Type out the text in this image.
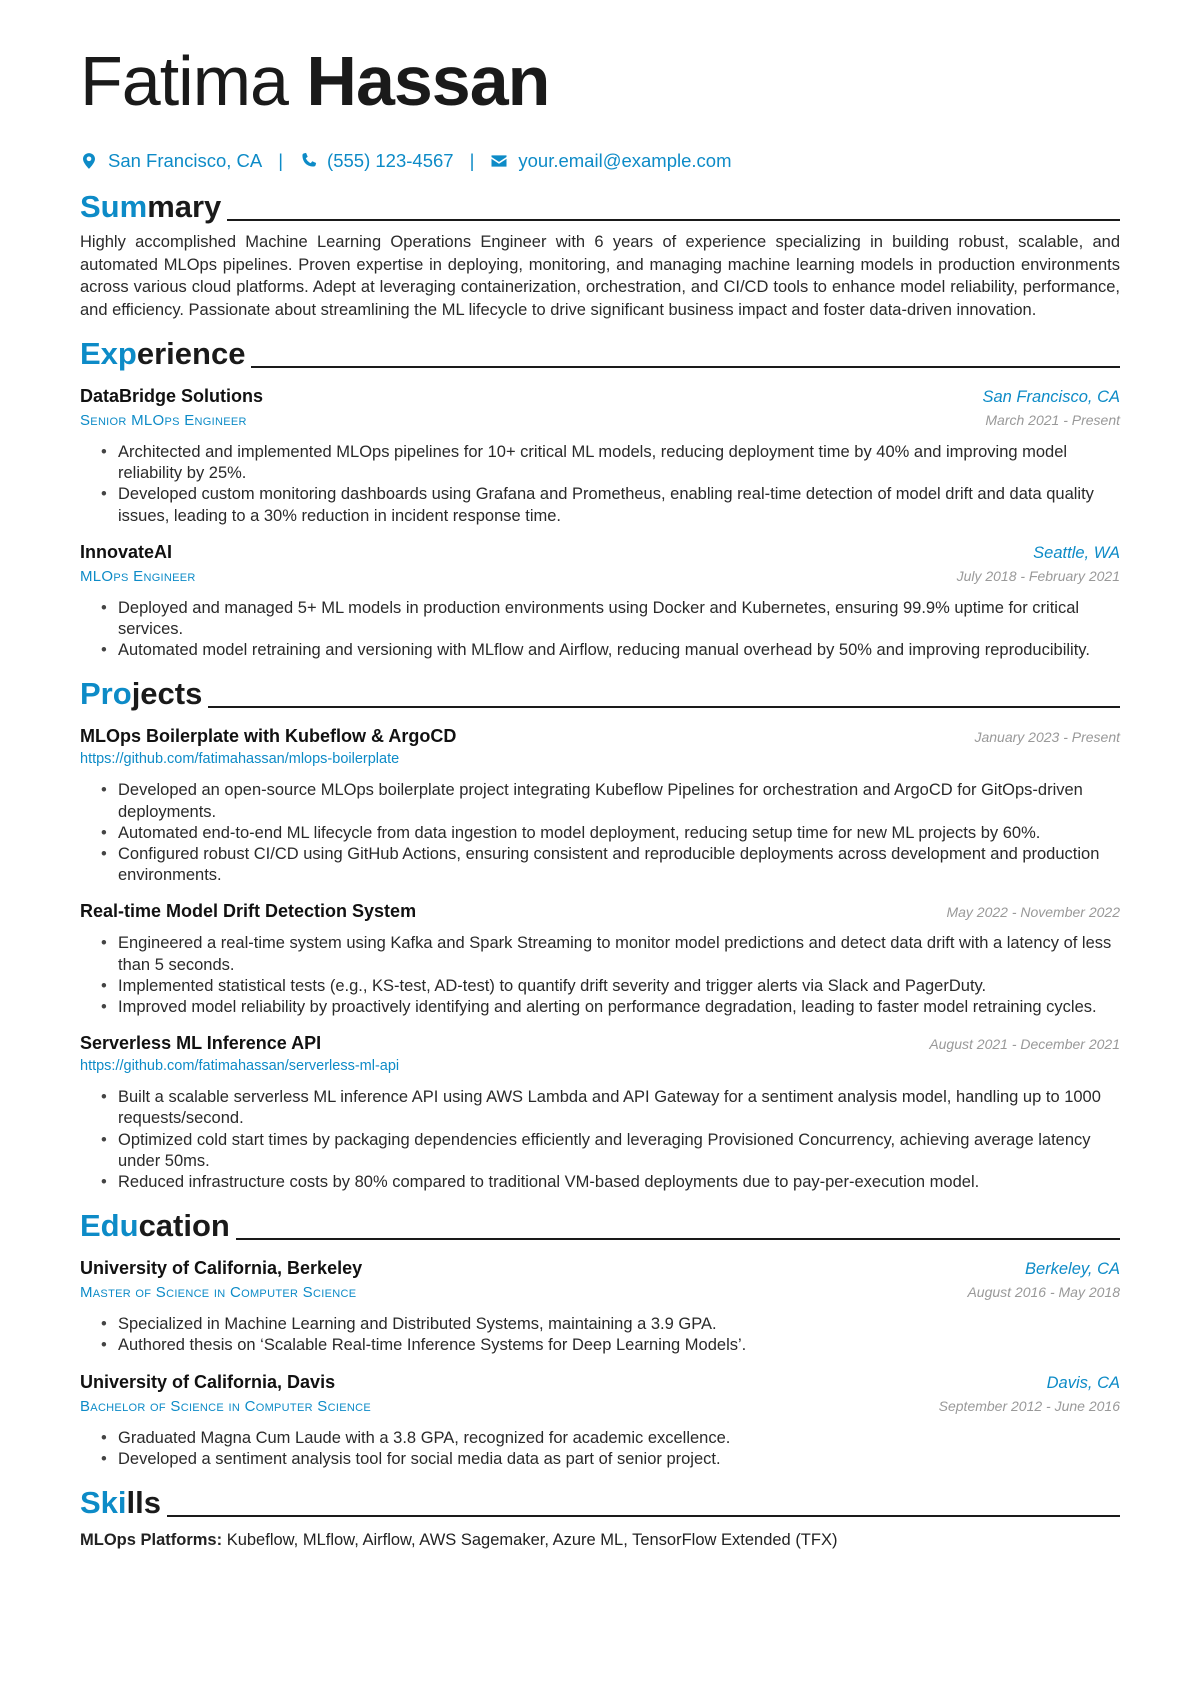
Fatima Hassan
San Francisco, CA | (555) 123-4567 | your.email@example.com
Summary
Highly accomplished Machine Learning Operations Engineer with 6 years of experience specializing in building robust, scalable, and automated MLOps pipelines. Proven expertise in deploying, monitoring, and managing machine learning models in production environments across various cloud platforms. Adept at leveraging containerization, orchestration, and CI/CD tools to enhance model reliability, performance, and efficiency. Passionate about streamlining the ML lifecycle to drive significant business impact and foster data-driven innovation.
Experience
DataBridge Solutions	San Francisco, CA
Senior MLOps Engineer	March 2021 - Present
• Architected and implemented MLOps pipelines for 10+ critical ML models, reducing deployment time by 40% and improving model reliability by 25%.
• Developed custom monitoring dashboards using Grafana and Prometheus, enabling real-time detection of model drift and data quality issues, leading to a 30% reduction in incident response time.
InnovateAI	Seattle, WA
MLOps Engineer	July 2018 - February 2021
• Deployed and managed 5+ ML models in production environments using Docker and Kubernetes, ensuring 99.9% uptime for critical services.
• Automated model retraining and versioning with MLflow and Airflow, reducing manual overhead by 50% and improving reproducibility.
Projects
MLOps Boilerplate with Kubeflow & ArgoCD	January 2023 - Present
https://github.com/fatimahassan/mlops-boilerplate
• Developed an open-source MLOps boilerplate project integrating Kubeflow Pipelines for orchestration and ArgoCD for GitOps-driven deployments.
• Automated end-to-end ML lifecycle from data ingestion to model deployment, reducing setup time for new ML projects by 60%.
• Configured robust CI/CD using GitHub Actions, ensuring consistent and reproducible deployments across development and production environments.
Real-time Model Drift Detection System	May 2022 - November 2022
• Engineered a real-time system using Kafka and Spark Streaming to monitor model predictions and detect data drift with a latency of less than 5 seconds.
• Implemented statistical tests (e.g., KS-test, AD-test) to quantify drift severity and trigger alerts via Slack and PagerDuty.
• Improved model reliability by proactively identifying and alerting on performance degradation, leading to faster model retraining cycles.
Serverless ML Inference API	August 2021 - December 2021
https://github.com/fatimahassan/serverless-ml-api
• Built a scalable serverless ML inference API using AWS Lambda and API Gateway for a sentiment analysis model, handling up to 1000 requests/second.
• Optimized cold start times by packaging dependencies efficiently and leveraging Provisioned Concurrency, achieving average latency under 50ms.
• Reduced infrastructure costs by 80% compared to traditional VM-based deployments due to pay-per-execution model.
Education
University of California, Berkeley	Berkeley, CA
Master of Science in Computer Science	August 2016 - May 2018
• Specialized in Machine Learning and Distributed Systems, maintaining a 3.9 GPA.
• Authored thesis on ‘Scalable Real-time Inference Systems for Deep Learning Models’.
University of California, Davis	Davis, CA
Bachelor of Science in Computer Science	September 2012 - June 2016
• Graduated Magna Cum Laude with a 3.8 GPA, recognized for academic excellence.
• Developed a sentiment analysis tool for social media data as part of senior project.
Skills
MLOps Platforms: Kubeflow, MLflow, Airflow, AWS Sagemaker, Azure ML, TensorFlow Extended (TFX)
